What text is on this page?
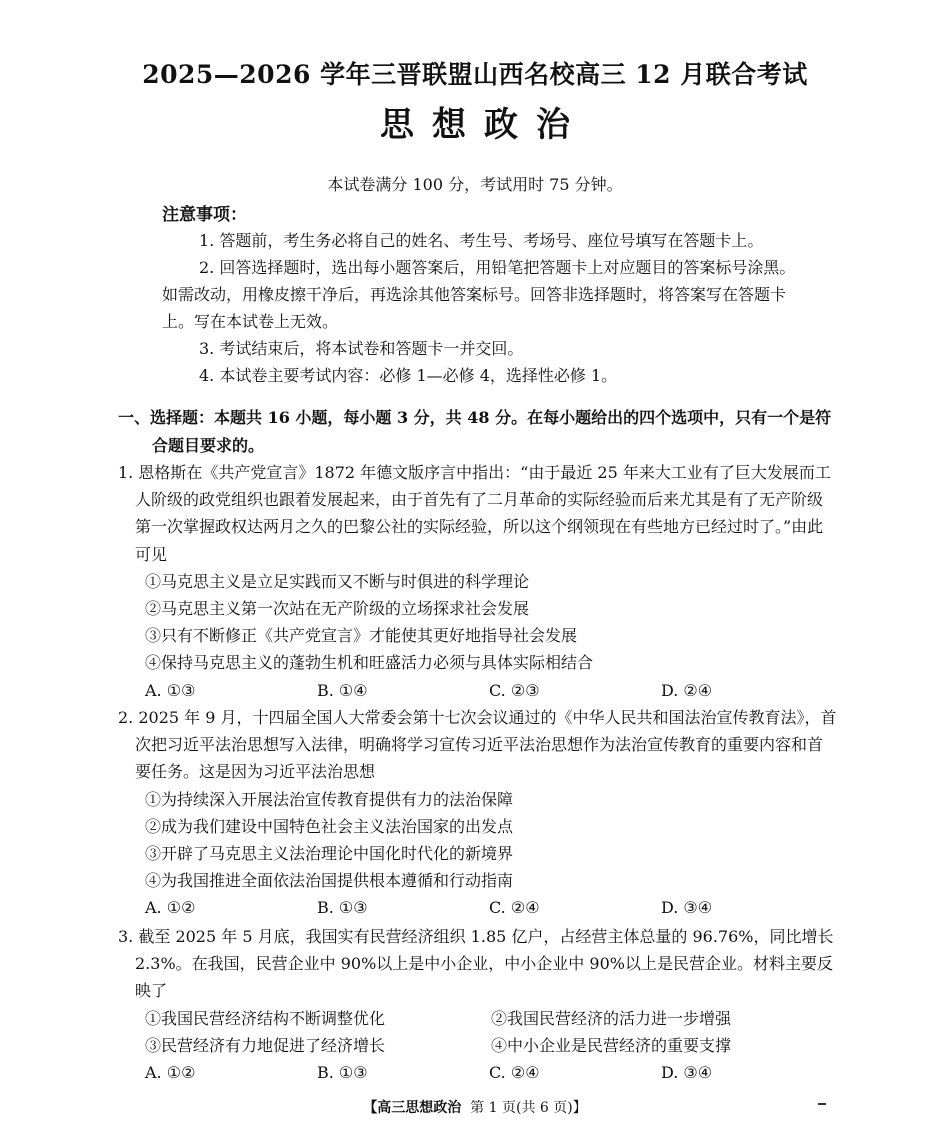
2025—2026 学年三晋联盟山西名校高三 12 月联合考试
思想政治
本试卷满分 100 分，考试用时 75 分钟。
注意事项：

1. 答题前，考生务必将自己的姓名、考生号、考场号、座位号填写在答题卡上。

2. 回答选择题时，选出每小题答案后，用铅笔把答题卡上对应题目的答案标号涂黑。如需改动，用橡皮擦干净后，再选涂其他答案标号。回答非选择题时，将答案写在答题卡上。写在本试卷上无效。

3. 考试结束后，将本试卷和答题卡一并交回。

4. 本试卷主要考试内容：必修 1—必修 4，选择性必修 1。

一、选择题：本题共 16 小题，每小题 3 分，共 48 分。在每小题给出的四个选项中，只有一个是符
合题目要求的。

1. 恩格斯在《共产党宣言》1872 年德文版序言中指出：“由于最近 25 年来大工业有了巨大发展而工人阶级的政党组织也跟着发展起来，由于首先有了二月革命的实际经验而后来尤其是有了无产阶级第一次掌握政权达两月之久的巴黎公社的实际经验，所以这个纲领现在有些地方已经过时了。”由此可见

①马克思主义是立足实践而又不断与时俱进的科学理论

②马克思主义第一次站在无产阶级的立场探求社会发展

③只有不断修正《共产党宣言》才能使其更好地指导社会发展

④保持马克思主义的蓬勃生机和旺盛活力必须与具体实际相结合

A. ①③	B. ①④	C. ②③	D. ②④

2. 2025 年 9 月，十四届全国人大常委会第十七次会议通过的《中华人民共和国法治宣传教育法》，首次把习近平法治思想写入法律，明确将学习宣传习近平法治思想作为法治宣传教育的重要内容和首要任务。这是因为习近平法治思想

①为持续深入开展法治宣传教育提供有力的法治保障

②成为我们建设中国特色社会主义法治国家的出发点

③开辟了马克思主义法治理论中国化时代化的新境界

④为我国推进全面依法治国提供根本遵循和行动指南

A. ①②	B. ①③	C. ②④	D. ③④

3. 截至 2025 年 5 月底，我国实有民营经济组织 1.85 亿户，占经营主体总量的 96.76%，同比增长 2.3%。在我国，民营企业中 90%以上是中小企业，中小企业中 90%以上是民营企业。材料主要反映了

①我国民营经济结构不断调整优化	②我国民营经济的活力进一步增强
③民营经济有力地促进了经济增长	④中小企业是民营经济的重要支撑
A. ①②	B. ①③	C. ②④	D. ③④
【高三思想政治 第 1 页(共 6 页)】
